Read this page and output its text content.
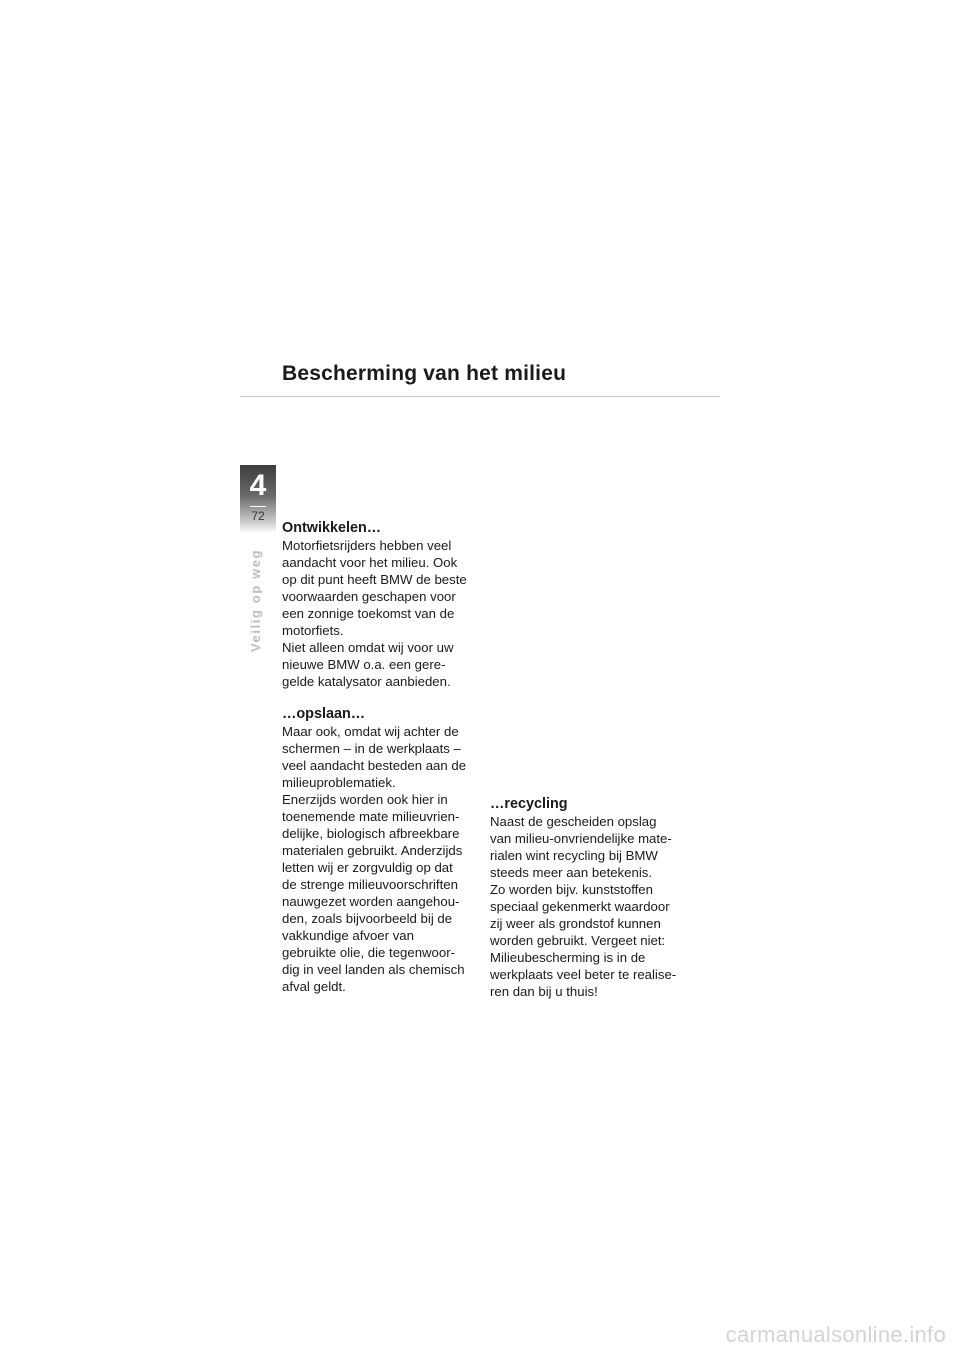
Bescherming van het milieu
4
72
Veilig op weg
Ontwikkelen…

Motorfietsrijders hebben veel
aandacht voor het milieu. Ook
op dit punt heeft BMW de beste
voorwaarden geschapen voor
een zonnige toekomst van de
motorfiets.

Niet alleen omdat wij voor uw
nieuwe BMW o.a. een gere-
gelde katalysator aanbieden.

…opslaan…

Maar ook, omdat wij achter de
schermen – in de werkplaats –
veel aandacht besteden aan de
milieuproblematiek.

Enerzijds worden ook hier in
toenemende mate milieuvrien-
delijke, biologisch afbreekbare
materialen gebruikt. Anderzijds
letten wij er zorgvuldig op dat
de strenge milieuvoorschriften
nauwgezet worden aangehou-
den, zoals bijvoorbeeld bij de
vakkundige afvoer van
gebruikte olie, die tegenwoor-
dig in veel landen als chemisch
afval geldt.

…recycling

Naast de gescheiden opslag
van milieu-onvriendelijke mate-
rialen wint recycling bij BMW
steeds meer aan betekenis.

Zo worden bijv. kunststoffen
speciaal gekenmerkt waardoor
zij weer als grondstof kunnen
worden gebruikt. Vergeet niet:
Milieubescherming is in de
werkplaats veel beter te realise-
ren dan bij u thuis!

carmanualsonline.info
